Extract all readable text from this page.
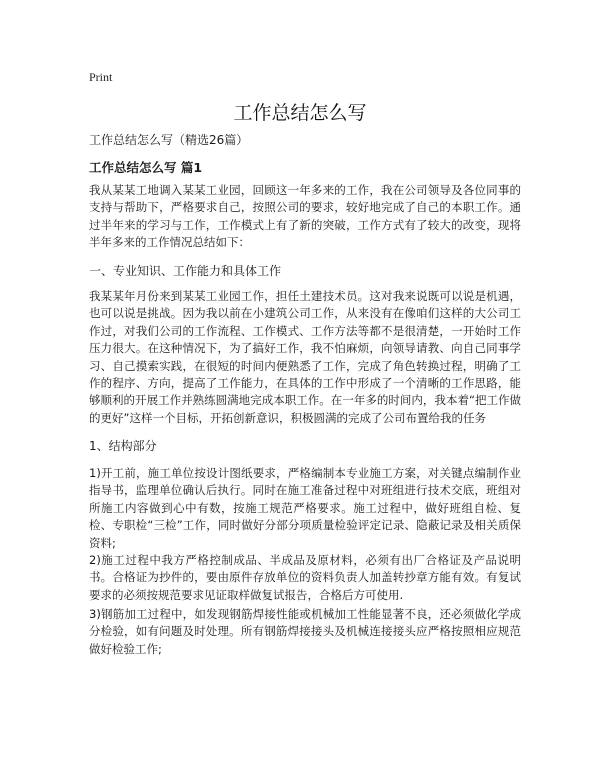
Print
工作总结怎么写
工作总结怎么写（精选26篇）
工作总结怎么写 篇1

我从某某工地调入某某工业园，回顾这一年多来的工作，我在公司领导及各位同事的支持与帮助下，严格要求自己，按照公司的要求，较好地完成了自己的本职工作。通过半年来的学习与工作，工作模式上有了新的突破，工作方式有了较大的改变，现将半年多来的工作情况总结如下：

一、专业知识、工作能力和具体工作

我某某年月份来到某某工业园工作，担任土建技术员。这对我来说既可以说是机遇，也可以说是挑战。因为我以前在小建筑公司工作，从来没有在像咱们这样的大公司工作过，对我们公司的工作流程、工作模式、工作方法等都不是很清楚，一开始时工作压力很大。在这种情况下，为了搞好工作，我不怕麻烦，向领导请教、向自己同事学习、自己摸索实践，在很短的时间内便熟悉了工作，完成了角色转换过程，明确了工作的程序、方向，提高了工作能力，在具体的工作中形成了一个清晰的工作思路，能够顺利的开展工作并熟练圆满地完成本职工作。在一年多的时间内，我本着“把工作做的更好”这样一个目标，开拓创新意识，积极圆满的完成了公司布置给我的任务

1、结构部分

1)开工前，施工单位按设计图纸要求，严格编制本专业施工方案，对关键点编制作业指导书，监理单位确认后执行。同时在施工准备过程中对班组进行技术交底，班组对所施工内容做到心中有数，按施工规范严格要求。施工过程中，做好班组自检、复检、专职检“三检”工作，同时做好分部分项质量检验评定记录、隐蔽记录及相关质保资料;

2)施工过程中我方严格控制成品、半成品及原材料，必须有出厂合格证及产品说明书。合格证为抄件的，要由原件存放单位的资料负责人加盖转抄章方能有效。有复试要求的必须按规范要求见证取样做复试报告，合格后方可使用.

3)钢筋加工过程中，如发现钢筋焊接性能或机械加工性能显著不良，还必须做化学成分检验，如有问题及时处理。所有钢筋焊接接头及机械连接接头应严格按照相应规范做好检验工作;
